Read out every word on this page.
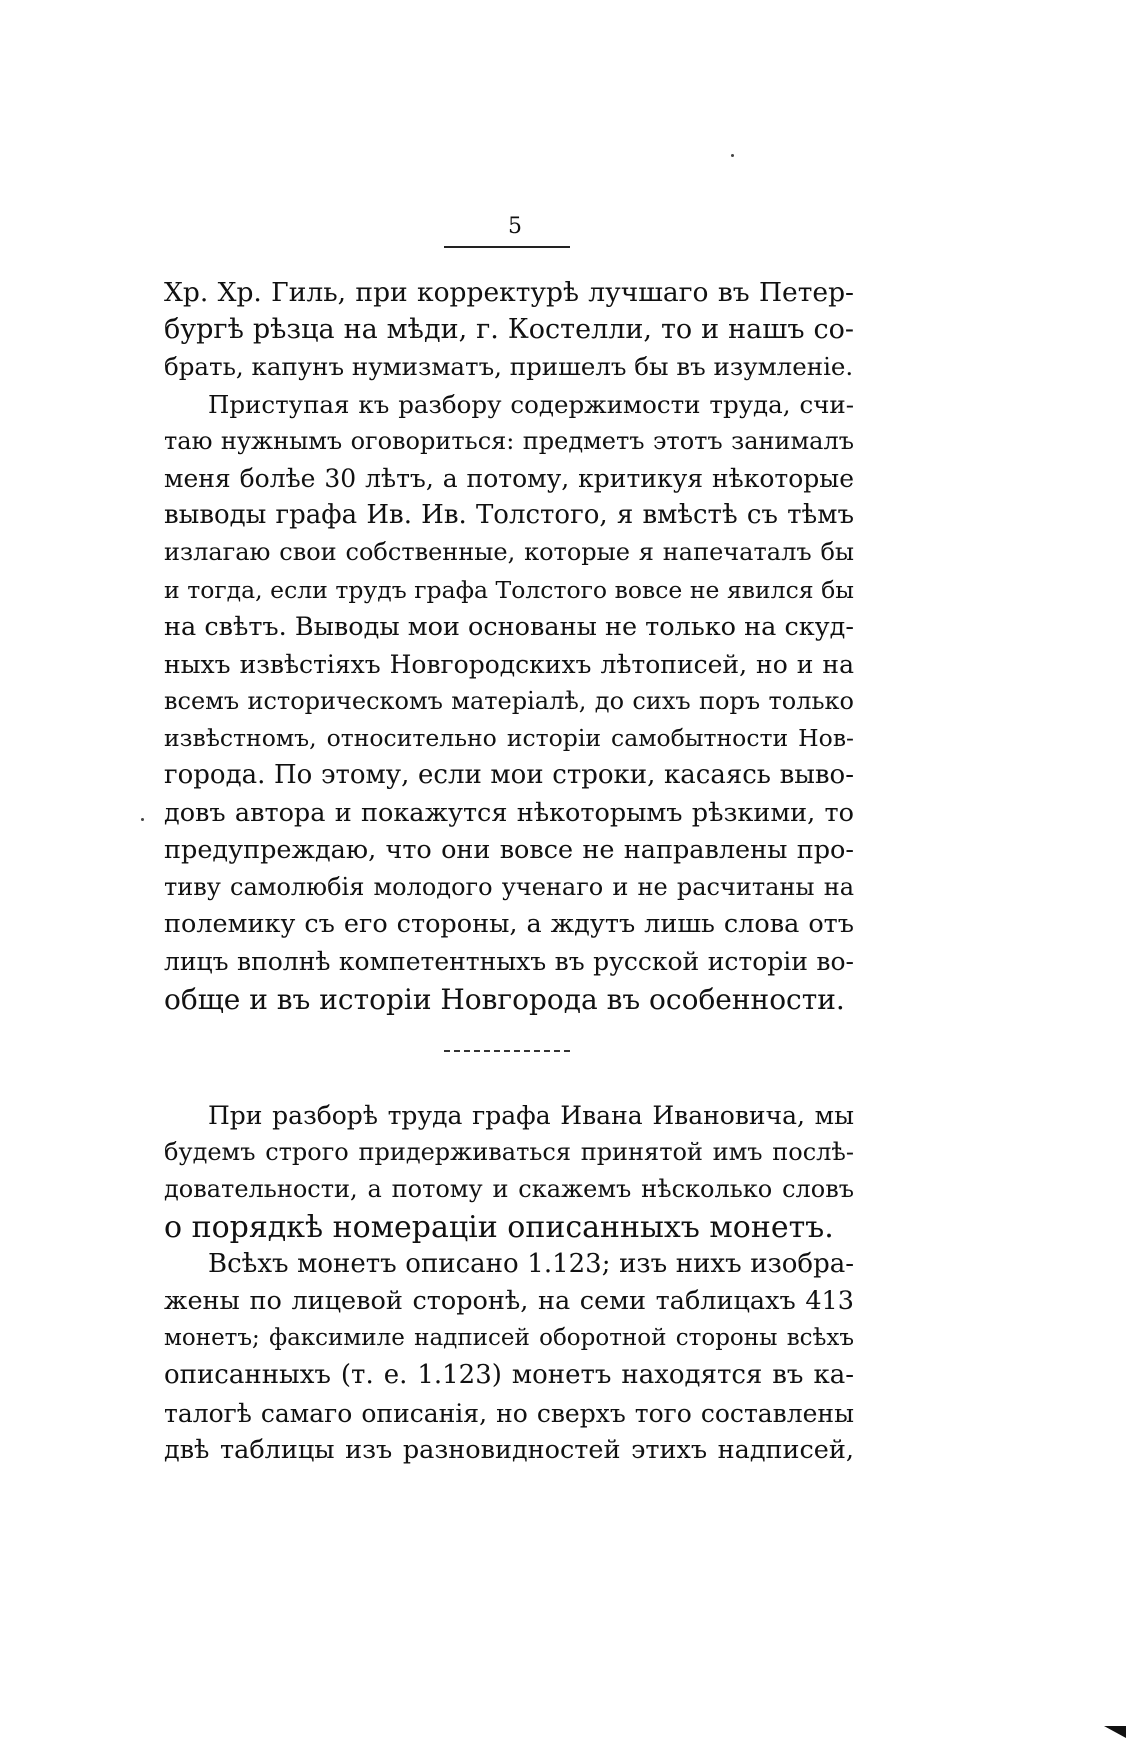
5
Хр. Хр. Гиль, при корректурѣ лучшаго въ Петер-
бургѣ рѣзца на мѣди, г. Костелли, то и нашъ со-
брать, капунъ нумизматъ, пришелъ бы въ изумленіе.
Приступая къ разбору содержимости труда, счи-
таю нужнымъ оговориться: предметъ этотъ занималъ
меня болѣе 30 лѣтъ, а потому, критикуя нѣкоторые
выводы графа Ив. Ив. Толстого, я вмѣстѣ съ тѣмъ
излагаю свои собственные, которые я напечаталъ бы
и тогда, если трудъ графа Толстого вовсе не явился бы
на свѣтъ. Выводы мои основаны не только на скуд-
ныхъ извѣстіяхъ Новгородскихъ лѣтописей, но и на
всемъ историческомъ матеріалѣ, до сихъ поръ только
извѣстномъ, относительно исторіи самобытности Нов-
города. По этому, если мои строки, касаясь выво-
довъ автора и покажутся нѣкоторымъ рѣзкими, то
предупреждаю, что они вовсе не направлены про-
тиву самолюбія молодого ученаго и не расчитаны на
полемику съ его стороны, а ждутъ лишь слова отъ
лицъ вполнѣ компетентныхъ въ русской исторіи во-
обще и въ исторіи Новгорода въ особенности.
При разборѣ труда графа Ивана Ивановича, мы
будемъ строго придерживаться принятой имъ послѣ-
довательности, а потому и скажемъ нѣсколько словъ
о порядкѣ номераціи описанныхъ монетъ.
Всѣхъ монетъ описано 1.123; изъ нихъ изобра-
жены по лицевой сторонѣ, на семи таблицахъ 413
монетъ; факсимиле надписей оборотной стороны всѣхъ
описанныхъ (т. е. 1.123) монетъ находятся въ ка-
талогѣ самаго описанія, но сверхъ того составлены
двѣ таблицы изъ разновидностей этихъ надписей,
